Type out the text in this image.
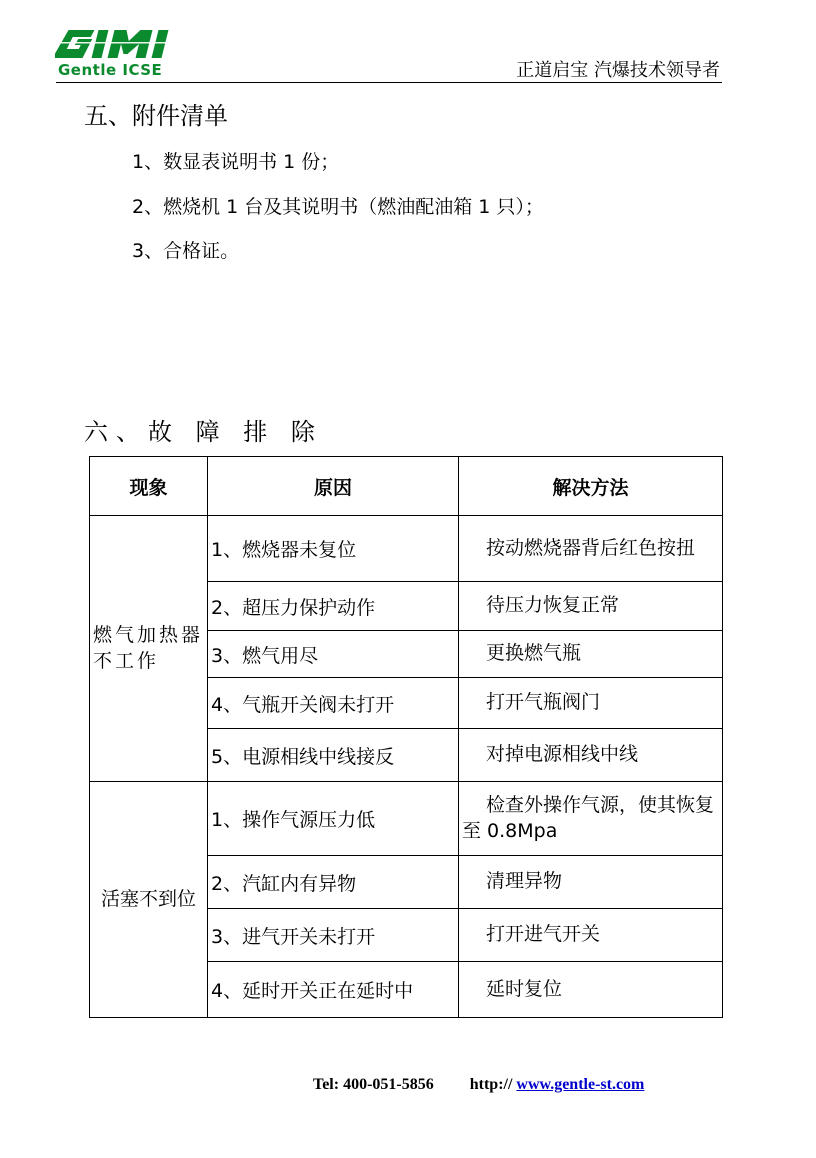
Gentle ICSE	正道启宝 汽爆技术领导者
五、附件清单
1、数显表说明书 1 份；
2、燃烧机 1 台及其说明书（燃油配油箱 1 只）；
3、合格证。
六、故 障 排 除
现象	原因	解决方法
燃气加热器不工作	1、燃烧器未复位	按动燃烧器背后红色按扭
	2、超压力保护动作	待压力恢复正常
	3、燃气用尽	更换燃气瓶
	4、气瓶开关阀未打开	打开气瓶阀门
	5、电源相线中线接反	对掉电源相线中线
活塞不到位	1、操作气源压力低	检查外操作气源，使其恢复至 0.8Mpa
	2、汽缸内有异物	清理异物
	3、进气开关未打开	打开进气开关
	4、延时开关正在延时中	延时复位
Tel: 400-051-5856 http:// www.gentle-st.com
